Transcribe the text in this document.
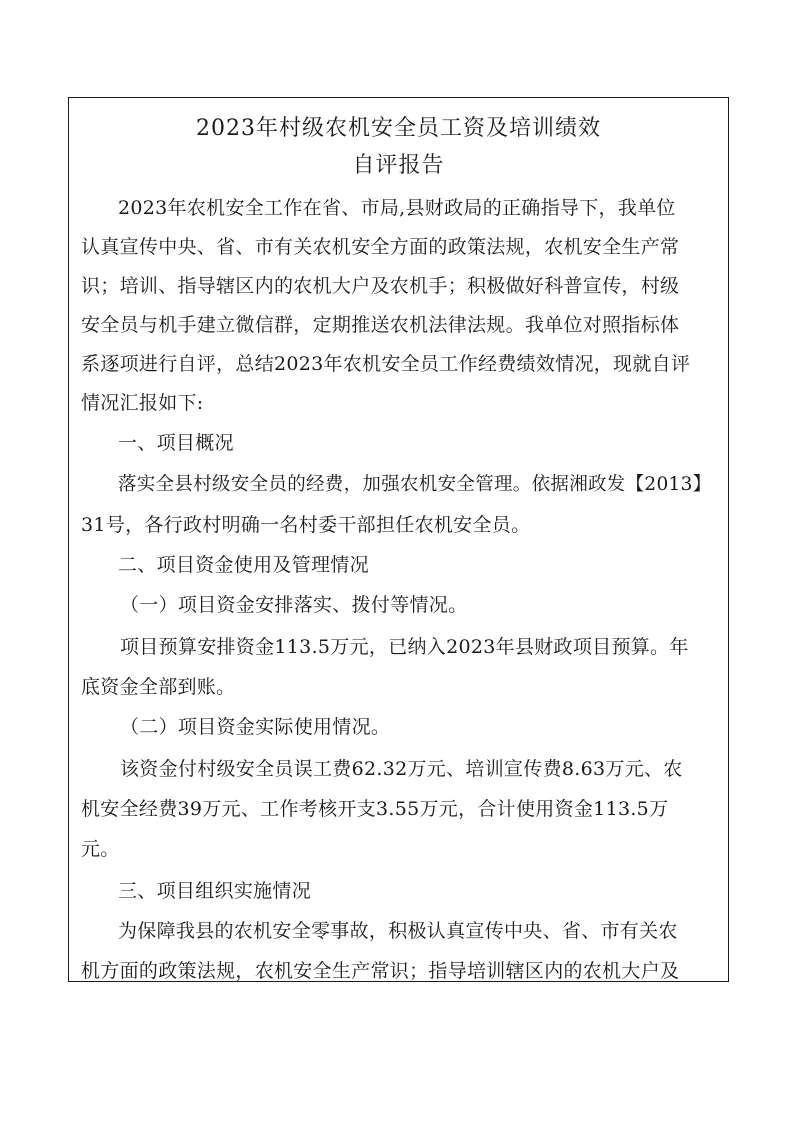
2023年村级农机安全员工资及培训绩效
自评报告
2023年农机安全工作在省、市局,县财政局的正确指导下，我单位
认真宣传中央、省、市有关农机安全方面的政策法规，农机安全生产常
识；培训、指导辖区内的农机大户及农机手；积极做好科普宣传，村级
安全员与机手建立微信群，定期推送农机法律法规。我单位对照指标体
系逐项进行自评，总结2023年农机安全员工作经费绩效情况，现就自评
情况汇报如下:
一、项目概况
落实全县村级安全员的经费，加强农机安全管理。依据湘政发【2013】
31号，各行政村明确一名村委干部担任农机安全员。
二、项目资金使用及管理情况
（一）项目资金安排落实、拨付等情况。
项目预算安排资金113.5万元，已纳入2023年县财政项目预算。年
底资金全部到账。
（二）项目资金实际使用情况。
该资金付村级安全员误工费62.32万元、培训宣传费8.63万元、农
机安全经费39万元、工作考核开支3.55万元，合计使用资金113.5万
元。
三、项目组织实施情况
为保障我县的农机安全零事故，积极认真宣传中央、省、市有关农
机方面的政策法规，农机安全生产常识；指导培训辖区内的农机大户及
